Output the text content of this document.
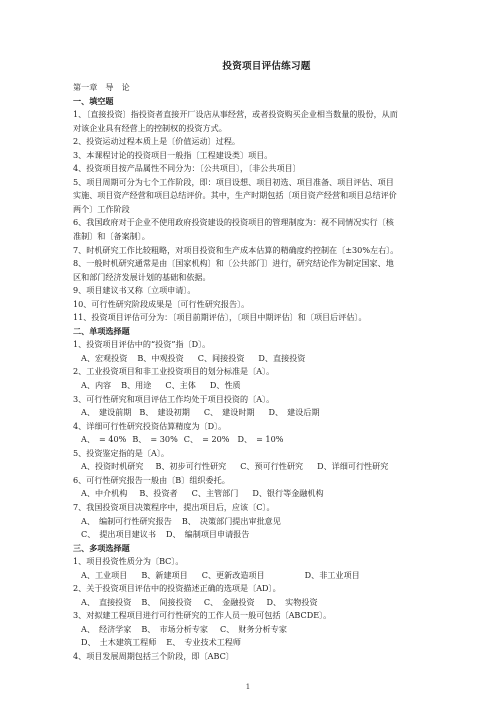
投资项目评估练习题
第一章　导　论
一、填空题
1、〔直接投资〕指投资者直接开厂设店从事经营，或者投资购买企业相当数量的股份，从而
对该企业具有经营上的控制权的投资方式。
2、投资运动过程本质上是〔价值运动〕过程。
3、本课程讨论的投资项目一般指〔工程建设类〕项目。
4、投资项目按产品属性不同分为：〔公共项目〕，〔非公共项目〕
5、项目周期可分为七个工作阶段，即：项目设想、项目初选、项目准备、项目评估、项目
实施、项目资产经营和项目总结评价。其中，生产时期包括〔项目资产经营和项目总结评价
两个〕工作阶段
6、我国政府对于企业不使用政府投资建设的投资项目的管理制度为：视不同情况实行〔核
准制〕和〔备案制〕。
7、时机研究工作比较粗略，对项目投资和生产成本估算的精确度约控制在〔±30%左右〕。
8、一般时机研究通常是由〔国家机构〕和〔公共部门〕进行，研究结论作为制定国家、地
区和部门经济发展计划的基础和依据。
9、项目建议书又称〔立项申请〕。
10、可行性研究阶段成果是〔可行性研究报告〕。
11、投资项目评估可分为：〔项目前期评估〕，〔项目中期评估〕和〔项目后评估〕。
二、单项选择题
1、投资项目评估中的“投资”指〔D〕。
A、宏观投资 B、中观投资 C、间接投资 D、直接投资
2、工业投资项目和非工业投资项目的划分标准是〔A〕。
A、内容 B、用途 C、主体 D、性质
3、可行性研究和项目评估工作均处于项目投资的〔A〕。
A、　建设前期 B、　建设初期 C、　建设时期 D、　建设后期
4、详细可行性研究投资估算精度为〔D〕。
A、　= 40% B、　= 30% C、　= 20% D、　= 10%
5、投资鉴定指的是〔A〕。
A、投资时机研究 B、初步可行性研究 C、预可行性研究 D、详细可行性研究
6、可行性研究报告一般由〔B〕组织委托。
A、中介机构 B、投资者 C、主管部门 D、银行等金融机构
7、我国投资项目决策程序中，提出项目后，应该〔C〕。
A、　编制可行性研究报告 B、　决策部门提出审批意见
C、　提出项目建议书 D、　编制项目申请报告
三、多项选择题
1、项目投资性质分为〔BC〕。
A、工业项目 B、新建项目 C、更新改造项目	D、非工业项目
2、关于投资项目评估中的投资描述正确的选项是〔AD〕。
A、　直接投资 B、　间接投资 C、　金融投资 D、　实物投资
3、对拟建工程项目进行可行性研究的工作人员一般可包括〔ABCDE〕。
A、　经济学家 B、　市场分析专家 C、　财务分析专家
D、　土木建筑工程师 E、　专业技术工程师
4、项目发展周期包括三个阶段，即〔ABC〕
1
